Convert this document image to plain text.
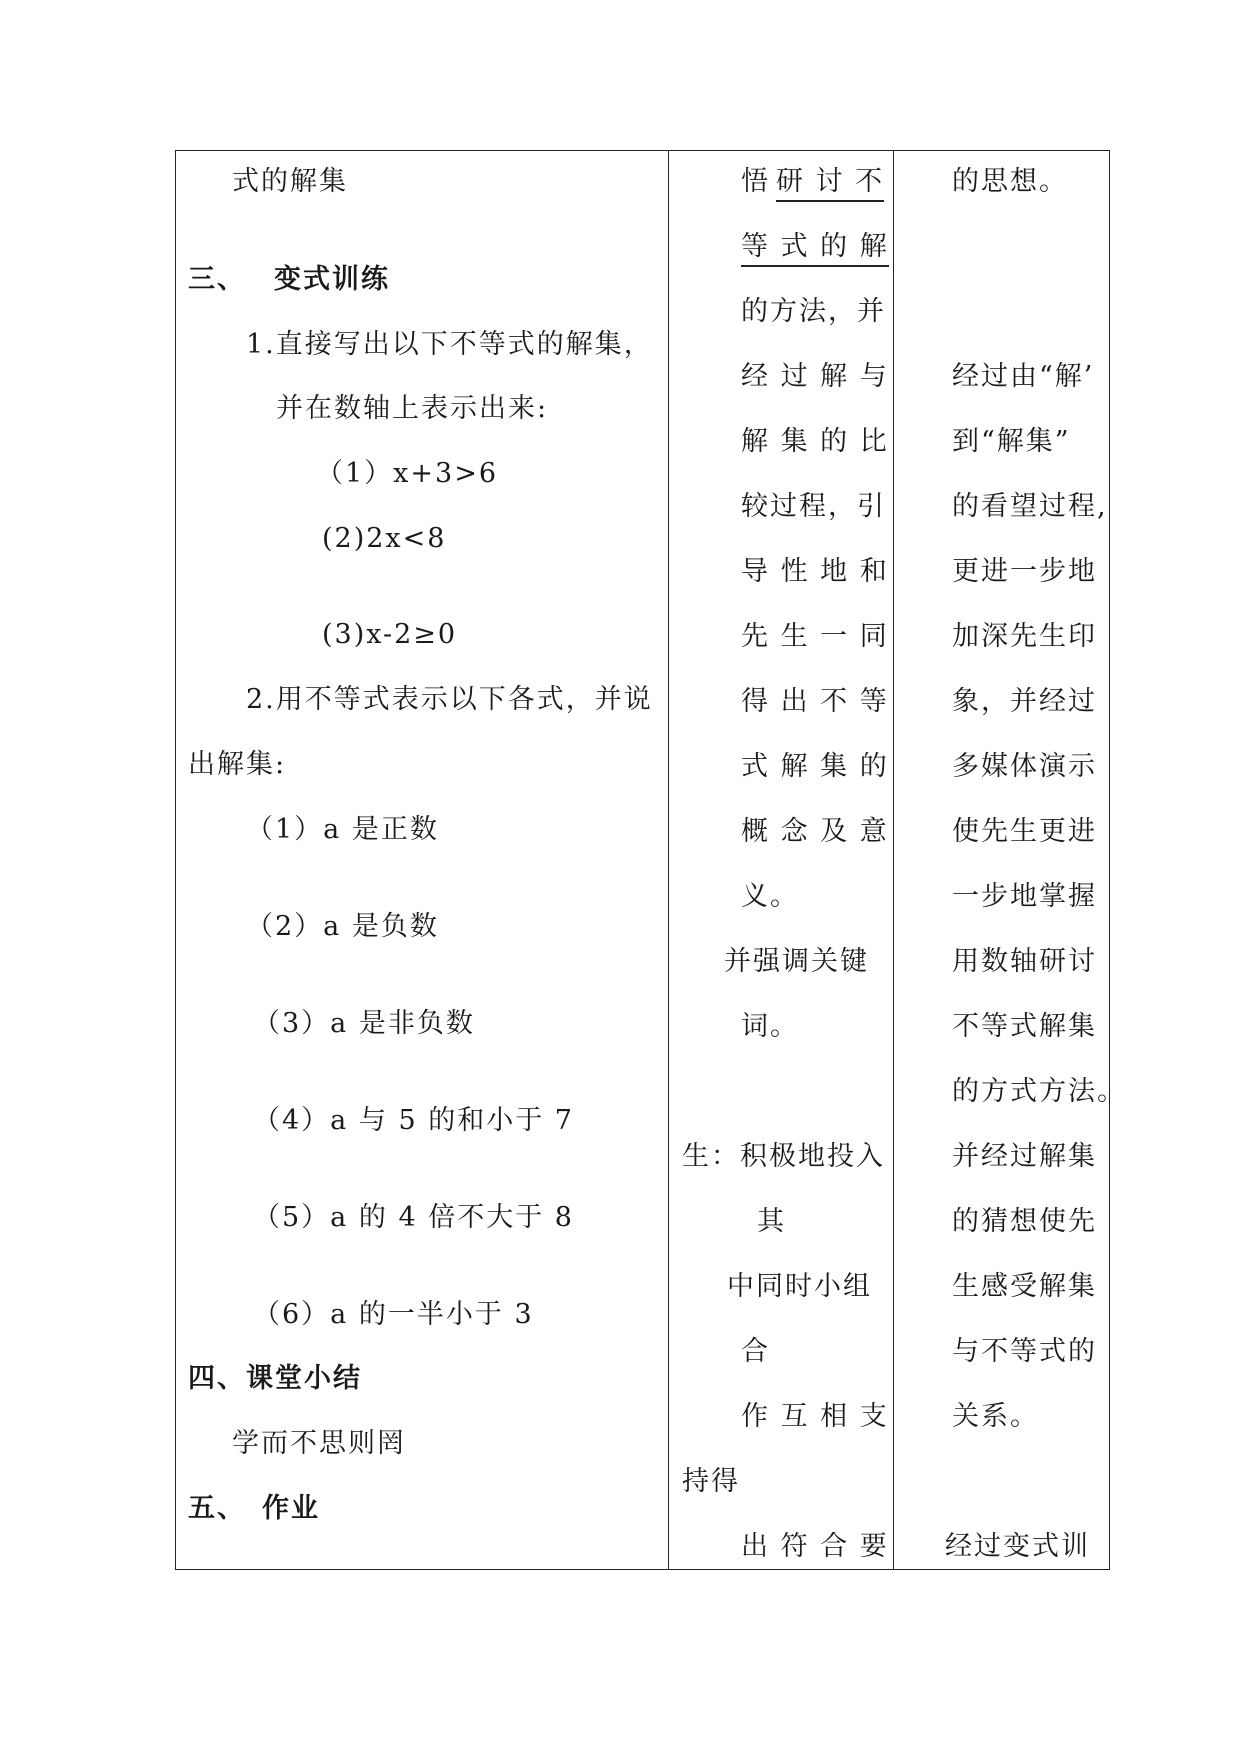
式的解集
三、 变式训练
1.直接写出以下不等式的解集，
并在数轴上表示出来:
（1）x+3>6
(2)2x<8
(3)x-2≥0
2.用不等式表示以下各式，并说
出解集:
（1）a 是正数
（2）a 是负数
（3）a 是非负数
（4）a 与 5 的和小于 7
（5）a 的 4 倍不大于 8
（6）a 的一半小于 3
四、课堂小结
学而不思则罔
五、 作业
悟 研 讨 不
等 式 的 解
的方法，并
经 过 解 与
解 集 的 比
较过程，引
导 性 地 和
先 生 一 同
得 出 不 等
式 解 集 的
概 念 及 意
义。
并强调关键
词。
生：积极地投入
其
中同时小组
合
作 互 相 支
持得
出 符 合 要
的思想。
经过由“解’
到“解集”
的看望过程,
更进一步地
加深先生印
象，并经过
多媒体演示
使先生更进
一步地掌握
用数轴研讨
不等式解集
的方式方法。
并经过解集
的猜想使先
生感受解集
与不等式的
关系。
经过变式训
